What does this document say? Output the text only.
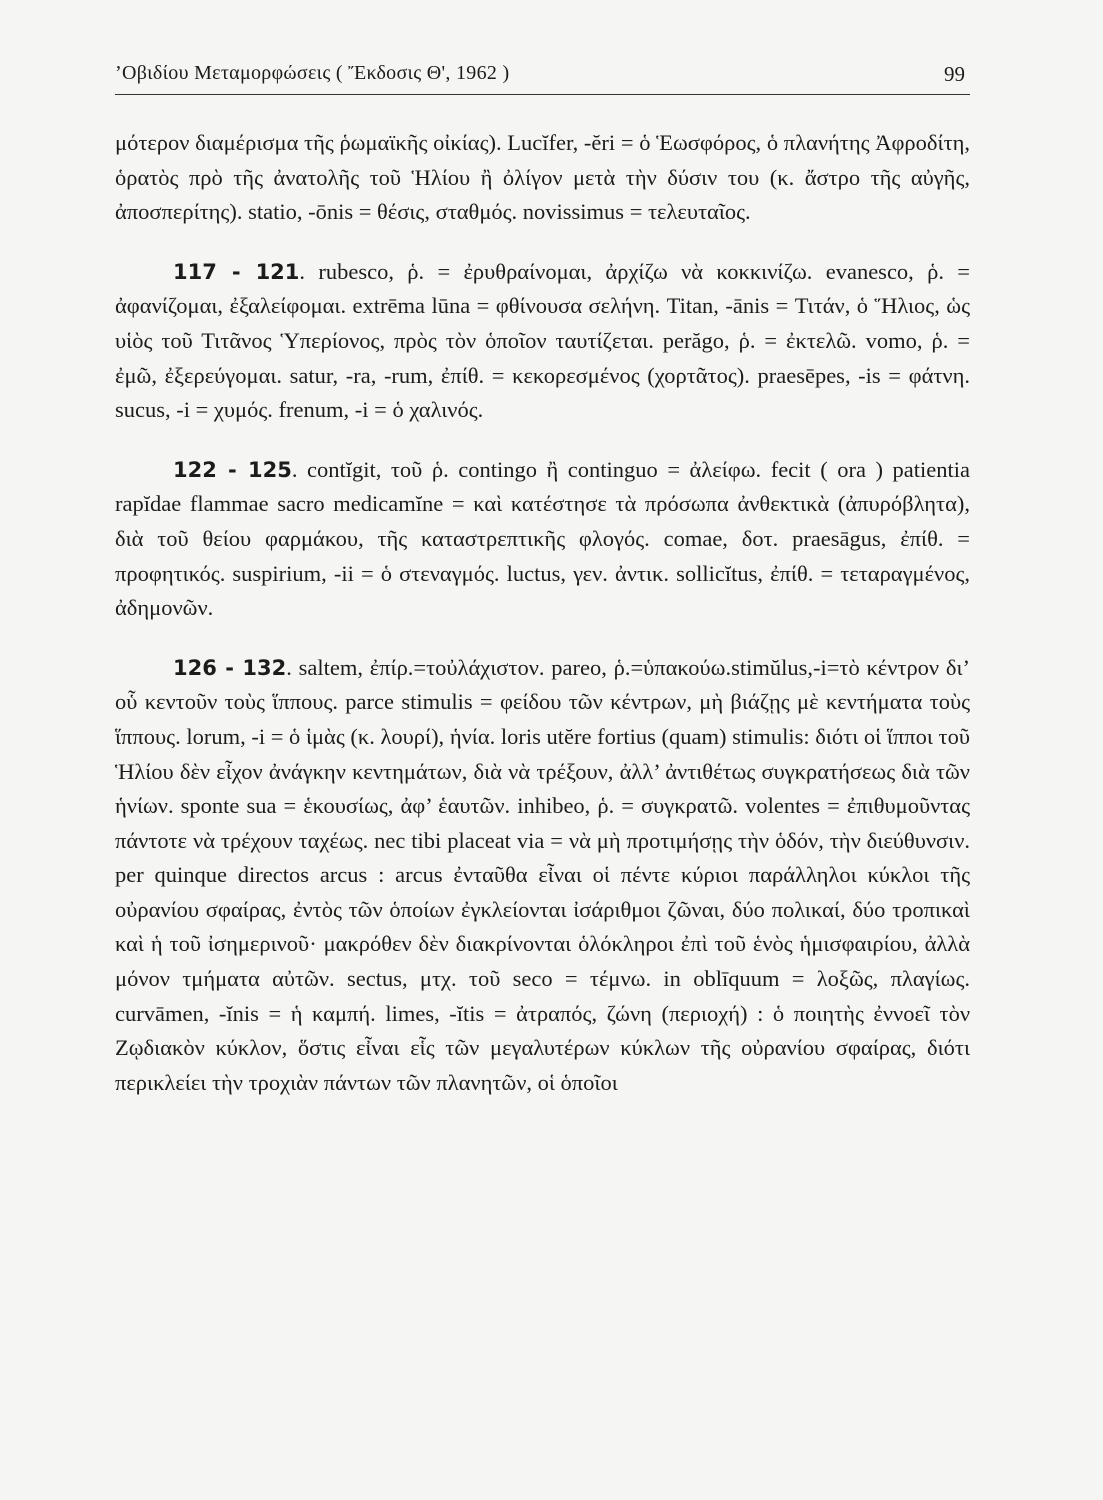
’Οβιδίου Μεταμορφώσεις ( Ἔκδοσις Θ', 1962 )	99

μότερον διαμέρισμα τῆς ῥωμαϊκῆς οἰκίας). Lucĭfer, -ĕri = ὁ Ἑωσφόρος, ὁ πλανήτης Ἀφροδίτη, ὁρατὸς πρὸ τῆς ἀνατολῆς τοῦ Ἡλίου ἢ ὀλίγον μετὰ τὴν δύσιν του (κ. ἄστρο τῆς αὐγῆς, ἀποσπερίτης). statio, -ōnis = θέσις, σταθμός. novissimus = τελευταῖος.

117 - 121. rubesco, ῥ. = ἐρυθραίνομαι, ἀρχίζω νὰ κοκκινίζω. evanesco, ῥ. = ἀφανίζομαι, ἐξαλείφομαι. extrēma lūna = φθίνουσα σελήνη. Titan, -ānis = Τιτάν, ὁ Ἥλιος, ὡς υἱὸς τοῦ Τιτᾶνος Ὑπερίονος, πρὸς τὸν ὁποῖον ταυτίζεται. perăgo, ῥ. = ἐκτελῶ. vomo, ῥ. = ἐμῶ, ἐξερεύγομαι. satur, -ra, -rum, ἐπίθ. = κεκορεσμένος (χορτᾶτος). praesēpes, -is = φάτνη. sucus, -i = χυμός. frenum, -i = ὁ χαλινός.

122 - 125. contĭgit, τοῦ ῥ. contingo ἢ continguo = ἀλείφω. fecit ( ora ) patientia rapĭdae flammae sacro medicamĭne = καὶ κατέστησε τὰ πρόσωπα ἀνθεκτικὰ (ἀπυρόβλητα), διὰ τοῦ θείου φαρμάκου, τῆς καταστρεπτικῆς φλογός. comae, δοτ. praesāgus, ἐπίθ. = προφητικός. suspirium, -ii = ὁ στεναγμός. luctus, γεν. ἀντικ. sollicĭtus, ἐπίθ. = τεταραγμένος, ἀδημονῶν.

126 - 132. saltem, ἐπίρ.=τοὐλάχιστον. pareo, ῥ.=ὑπακούω.stimŭlus,-i=τὸ κέντρον δι’ οὗ κεντοῦν τοὺς ἵππους. parce stimulis = φείδου τῶν κέντρων, μὴ βιάζῃς μὲ κεντήματα τοὺς ἵππους. lorum, -i = ὁ ἱμὰς (κ. λουρί), ἡνία. loris utĕre fortius (quam) stimulis: διότι οἱ ἵπποι τοῦ Ἡλίου δὲν εἶχον ἀνάγκην κεντημάτων, διὰ νὰ τρέξουν, ἀλλ’ ἀντιθέτως συγκρατήσεως διὰ τῶν ἡνίων. sponte sua = ἑκουσίως, ἀφ’ ἑαυτῶν. inhibeo, ῥ. = συγκρατῶ. volentes = ἐπιθυμοῦντας πάντοτε νὰ τρέχουν ταχέως. nec tibi placeat via = νὰ μὴ προτιμήσῃς τὴν ὁδόν, τὴν διεύθυνσιν. per quinque directos arcus : arcus ἐνταῦθα εἶναι οἱ πέντε κύριοι παράλληλοι κύκλοι τῆς οὐρανίου σφαίρας, ἐντὸς τῶν ὁποίων ἐγκλείονται ἰσάριθμοι ζῶναι, δύο πολικαί, δύο τροπικαὶ καὶ ἡ τοῦ ἰσημερινοῦ· μακρόθεν δὲν διακρίνονται ὁλόκληροι ἐπὶ τοῦ ἑνὸς ἡμισφαιρίου, ἀλλὰ μόνον τμήματα αὐτῶν. sectus, μτχ. τοῦ seco = τέμνω. in oblīquum = λοξῶς, πλαγίως. curvāmen, -ĭnis = ἡ καμπή. limes, -ĭtis = ἀτραπός, ζώνη (περιοχή) : ὁ ποιητὴς ἐννοεῖ τὸν Ζῳδιακὸν κύκλον, ὅστις εἶναι εἷς τῶν μεγαλυτέρων κύκλων τῆς οὐρανίου σφαίρας, διότι περικλείει τὴν τροχιὰν πάντων τῶν πλανητῶν, οἱ ὁποῖοι
